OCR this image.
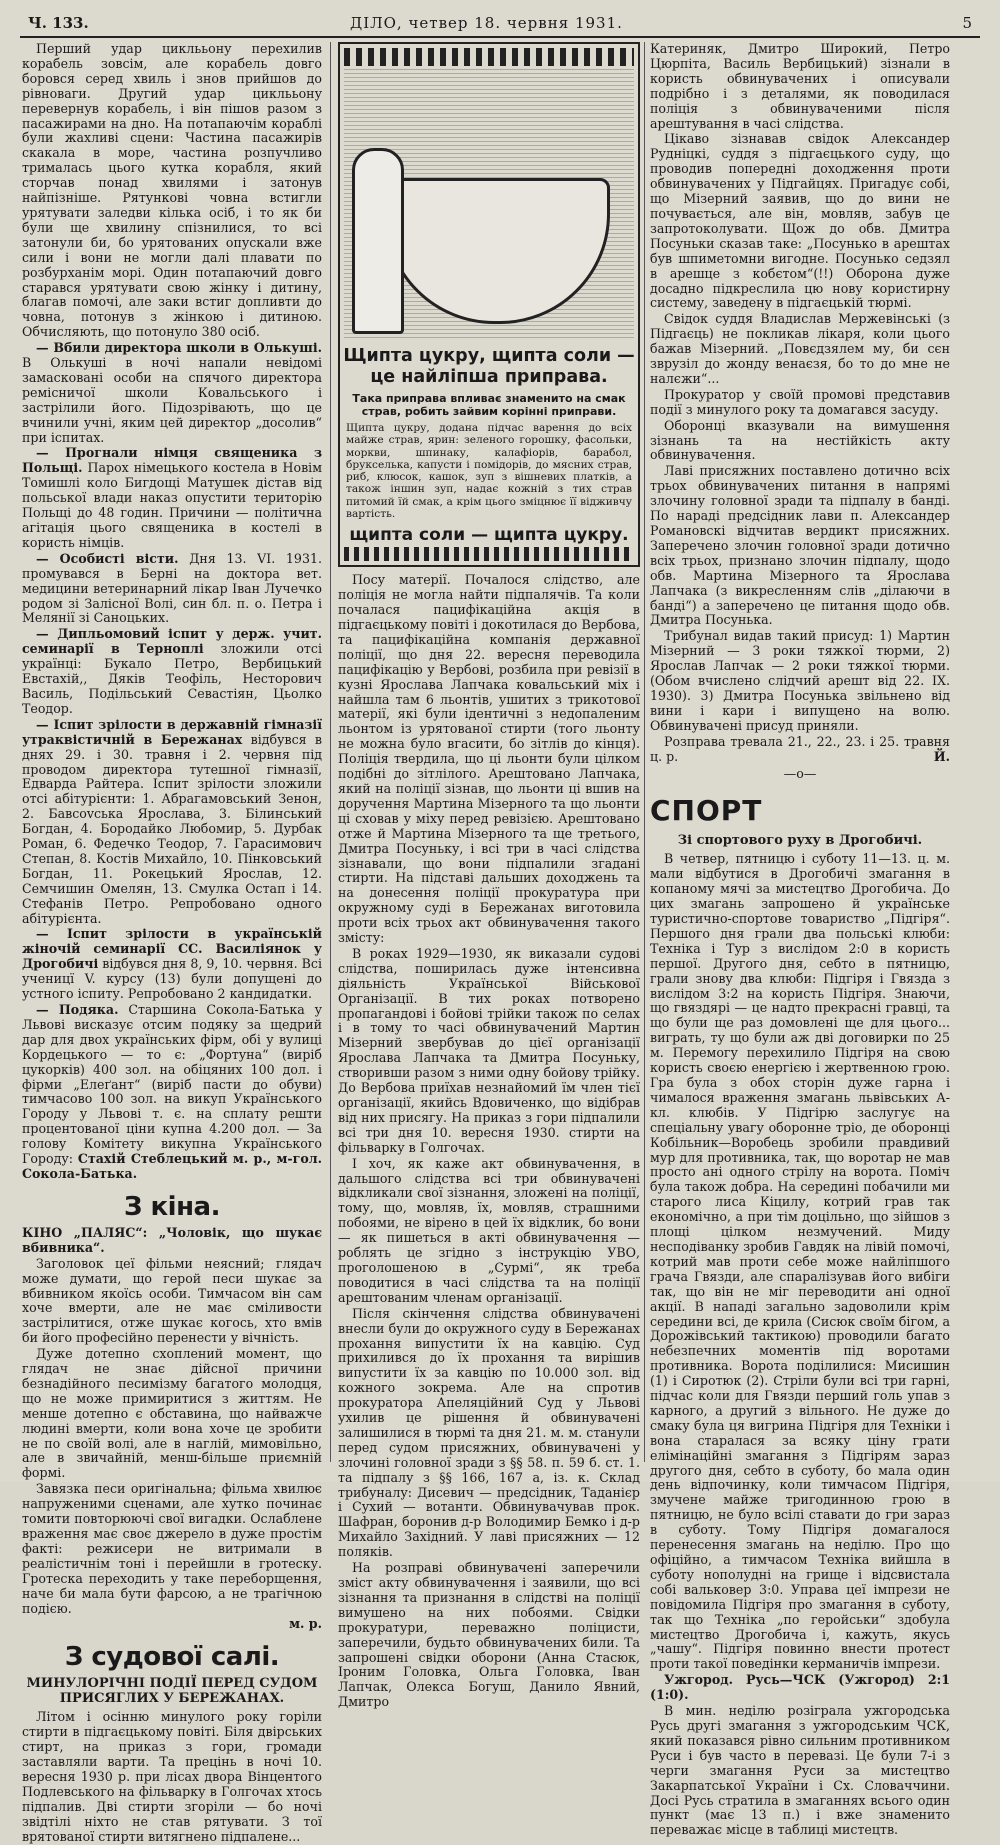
Ч. 133.	ДІЛО, четвер 18. червня 1931.	5

Перший удар циклььону перехилив корабель зовсім, але корабель довго боровся серед хвиль і знов прийшов до рівноваги. Другий удар циклььону перевернув корабель, і він пішов разом з пасажирами на дно. На потапаючім кораблі були жахливі сцени: Частина пасажирів скакала в море, частина розпучливо трималась цього кутка корабля, який сторчав понад хвилями і затонув найпізніше. Рятункові човна встигли урятувати заледви кілька осіб, і то як би були ще хвилину спізнилися, то всі затонули би, бо урятованих опускали вже сили і вони не могли далі плавати по розбурханім морі. Один потапаючий довго старався урятувати свою жінку і дитину, благав помочі, але заки встиг допливти до човна, потонув з жінкою і дитиною. Обчисляють, що потонуло 380 осіб.

— Вбили директора школи в Олькуші. В Олькуші в ночі напали невідомі замасковані особи на спячого директора ремісничої школи Ковальського і застрілили його. Підозрівають, що це вчинили учні, яким цей директор „досолив“ при іспитах.

— Прогнали німця священика з Польщі. Парох німецького костела в Новім Томишлі коло Бигдощі Матушек дістав від польської влади наказ опустити територію Польщі до 48 годин. Причини — політична агітація цього священика в костелі в користь німців.

— Особисті вісти. Дня 13. VI. 1931. промувався в Берні на доктора вет. медицини ветеринарний лікар Іван Лучечко родом зі Залісної Волі, син бл. п. о. Петра і Мелянії зі Саноцьких.

— Дипльомовий іспит у держ. учит. семинарії в Терноплі зложили отсі українці: Букало Петро, Вербицький Евстахій,, Дяків Теофіль, Несторович Василь, Подільський Севастіян, Цьолко Теодор.

— Іспит зрілости в державній гімназії утраквістичній в Бережанах відбувся в днях 29. і 30. травня і 2. червня під проводом директора тутешної гімназії, Едварда Райтера. Іспит зрілости зложили отсі абітурієнти: 1. Абрагамовський Зенон, 2. Бавcovська Ярослава, 3. Білинський Богдан, 4. Бородайко Любомир, 5. Дурбак Роман, 6. Федечко Теодор, 7. Гарасимович Степан, 8. Костів Михайло, 10. Пінковський Богдан, 11. Рокецький Ярослав, 12. Семчишин Омелян, 13. Смулка Остап і 14. Стефанів Петро. Репробовано одного абітурієнта.

— Іспит зрілости в українській жіночій семинарії СС. Василіянок у Дрогобичі відбувся дня 8, 9, 10. червня. Всі ученицї V. курсу (13) були допущені до устного іспиту. Репробовано 2 кандидатки.

— Подяка. Старшина Сокола-Батька у Львові висказує отсим подяку за щедрий дар для двох українських фірм, обі у вулиці Кордецького — то є: „Фортуна“ (виріб цукорків) 400 зол. на обіцяних 100 дол. і фірми „Елеґант“ (виріб пасти до обуви) тимчасово 100 зол. на викуп Українського Городу у Львові т. є. на сплату решти процентованої ціни купна 4.200 дол. — За голову Комітету викупна Українського Городу: Стахій Стеблецький м. р., м-гол. Сокола-Батька.

З кіна.

КІНО „ПАЛЯС“: „Чоловік, що шукає вбивника“.

Заголовок цеї фільми неясний; глядач може думати, що герой песи шукає за вбивником якоїсь особи. Тимчасом він сам хоче вмерти, але не має сміливости застрілитися, отже шукає когось, хто вмів би його професійно перенести у вічність.

Дуже дотепно схоплений момент, що глядач не знає дійсної причини безнадійного песимізму багатого молодця, що не може примиритися з життям. Не менше дотепно є обставина, що найважче людині вмерти, коли вона хоче це зробити не по своїй волі, але в наглій, мимовільно, але в звичайній, менш-більше приємній формі.

Завязка песи оригінальна; фільма хвилює напруженими сценами, але хутко починає томити повторюючі свої вигадки. Ослаблене враження має своє джерело в дуже простім факті: режисери не витримали в реалістичнім тоні і перейшли в гротеску. Гротеска переходить у таке переборщення, наче би мала бути фарсою, а не трагічною подією.

м. р.
З судової салі.
МИНУЛОРІЧНІ ПОДІЇ ПЕРЕД СУДОМ ПРИСЯГЛИХ У БЕРЕЖАНАХ.

Літом і осінню минулого року горіли стирти в підгаєцькому повіті. Біля двірських стирт, на приказ з гори, громади заставляли варти. Та прецінь в ночі 10. вересня 1930 р. при лісах двора Вінцентого Подлевського на фільварку в Голгочах хтось підпалив. Дві стирти згоріли — бо ночі звідтілі ніхто не став рятувати. З тої врятованої стирти витягнено підпалене...

Щипта цукру, щипта соли — це найліпша приправа.
Така приправа впливає знаменито на смак страв, робить зайвим корінні приправи.
Щипта цукру, додана підчас варення до всіх майже страв, ярин: зеленого горошку, фасольки, моркви, шпинаку, калафіорів, барабол, брукселька, капусти і помідорів, до мясних страв, риб, клюсок, кашок, зуп з вішневих платків, а також іншин зуп, надає кожній з тих страв питомий їй смак, а крім цього зміцнює її відживчу вартість.
щипта соли — щипта цукру.

Посу матерії. Почалося слідство, але поліція не могла найти підпалячів. Та коли почалася пацифікаційна акція в підгаєцькому повіті і докотилася до Вербова, та пацифікаційна компанія державної поліції, що дня 22. вересня переводила пацифікацію у Вербові, розбила при ревізії в кузні Ярослава Лапчака ковальський міх і найшла там 6 льонтів, ушитих з трикотової матерії, які були ідентичні з недопаленим льонтом із урятованої стирти (того льонту не можна було вгасити, бо зітлів до кінця). Поліція твердила, що ці льонти були цілком подібні до зітлілого. Арештовано Лапчака, який на поліції зізнав, що льонти ці вшив на доручення Мартина Мізерного та що льонти ці сховав у міху перед ревізією. Арештовано отже й Мартина Мізерного та ще третього, Дмитра Посуньку, і всі три в часі слідства зізнавали, що вони підпалили згадані стирти. На підставі дальших доходжень та на донесення поліції прокуратура при окружному суді в Бережанах виготовила проти всіх трьох акт обвинувачення такого змісту:

В роках 1929—1930, як виказали судові слідства, поширилась дуже інтенсивна діяльність Української Військової Організації. В тих роках потворено пропагандові і бойові трійки також по селах і в тому то часі обвинувачений Мартин Мізерний звербував до цієї організації Ярослава Лапчака та Дмитра Посуньку, створивши разом з ними одну бойову трійку. До Вербова приїхав незнайомий їм член тієї організації, якийсь Вдовиченко, що відібрав від них присягу. На приказ з гори підпалили всі три дня 10. вересня 1930. стирти на фільварку в Голгочах.

І хоч, як каже акт обвинувачення, в дальшого слідства всі три обвинувачені відкликали свої зізнання, зложені на поліції, тому, що, мовляв, їх, мовляв, страшними побоями, не вірено в цей їх відклик, бо вони — як пишеться в акті обвинувачення — роблять це згідно з інструкцію УВО, проголошеною в „Сурмі“, як треба поводитися в часі слідства та на поліції арештованим членам організації.

Після скінчення слідства обвинувачені внесли були до окружного суду в Бережанах прохання випустити їх на кавцію. Суд прихилився до їх прохання та вирішив випустити їх за кавцію по 10.000 зол. від кожного зокрема. Але на спротив прокуратора Апеляційний Суд у Львові ухилив це рішення й обвинувачені залишилися в тюрмі та дня 21. м. м. станули перед судом присяжних, обвинувачені у злочині головної зради з §§ 58. п. 59 б. ст. 1. та підпалу з §§ 166, 167 а, із. к. Склад трибуналу: Дисевич — предсідник, Таданієр і Сухий — вотанти. Обвинувачував прок. Шафран, боронив д-р Володимир Бемко і д-р Михайло Західний. У лаві присяжних — 12 поляків.

На розправі обвинувачені заперечили зміст акту обвинувачення і заявили, що всі зізнання та признання в слідстві на поліції вимушено на них побоями. Свідки прокуратури, переважно поліцисти, заперечили, будьто обвинувачених били. Та запрошені свідки оборони (Анна Стасюк, Іроним Головка, Ольга Головка, Іван Лапчак, Олекса Богуш, Данило Явний, Дмитро

Катериняк, Дмитро Широкий, Петро Цюрпіта, Василь Вербицький) зізнали в користь обвинувачених і описували подрібно і з деталями, як поводилася поліція з обвинуваченими після арештування в часі слідства.

Цікаво зізнавав свідок Александер Рудніцкі, суддя з підгаєцького суду, що проводив попередні доходження проти обвинувачених у Підгайцях. Пригадує собі, що Мізерний заявив, що до вини не почувається, але він, мовляв, забув це запротоколувати. Щож до обв. Дмитра Посуньки сказав таке: „Посунько в арештах був шпиметомни вигодне. Посунько седзял в арешце з кобєтом“(!!) Оборона дуже досадно підкреслила цю нову користирну систему, заведену в підгаєцькій тюрмі.

Свідок суддя Владислав Мержевінські (з Підгаєць) не покликав лікаря, коли цього бажав Мізерний. „Повєдзялем му, би сєн зврузіл до жонду венаєзя, бо то до мне не налєжи“...

Прокуратор у своїй промові представив події з минулого року та домагався засуду.

Оборонці вказували на вимушення зізнань та на нестійкість акту обвинувачення.

Лаві присяжних поставлено дотично всіх трьох обвинувачених питання в напрямі злочину головної зради та підпалу в банді. По нараді предсідник лави п. Александер Романовскі відчитав вердикт присяжних. Заперечено злочин головної зради дотично всіх трьох, признано злочин підпалу, щодо обв. Мартина Мізерного та Ярослава Лапчака (з викресленням слів „ділаючи в банді“) а заперечено це питання щодо обв. Дмитра Посунька.

Трибунал видав такий присуд: 1) Мартин Мізерний — 3 роки тяжкої тюрми, 2) Ярослав Лапчак — 2 роки тяжкої тюрми. (Обом вчислено слідчий арешт від 22. IX. 1930). 3) Дмитра Посунька звільнено від вини і кари і випущено на волю. Обвинувачені присуд приняли.

Розправа тревала 21., 22., 23. і 25. травня ц. р.	Й.

—о—
СПОРТ
Зі спортового руху в Дрогобичі.

В четвер, пятницю і суботу 11—13. ц. м. мали відбутися в Дрогобичі змагання в копаному мячі за мистецтво Дрогобича. До цих змагань запрошено й українське туристично-спортове товариство „Підгіря“. Першого дня грали два польські клюби: Техніка і Тур з вислідом 2:0 в користь першої. Другого дня, себто в пятницю, грали знову два клюби: Підгіря і Гвязда з вислідом 3:2 на користь Підгіря. Знаючи, що гвяздярі — це надто прекрасні гравці, та що були ще раз домовлені ще для цього... виграть, ту що були аж дві договирки по 25 м. Перемогу перехилило Підгіря на свою користь своєю енергією і жертвенною грою. Гра була з обох сторін дуже гарна і чималося враження змагань львівських А-кл. клюбів. У Підгірю заслугує на спеціальну увагу оборонне тріо, де оборонці Кобільник—Воробець зробили правдивий мур для противника, так, що воротар не мав просто ані одного стрілу на ворота. Поміч була також добра. На середині побачили ми старого лиса Кіцилу, котрий грав так економічно, а при тім доцільно, що зійшов з площі цілком незмучений. Миду несподіванку зробив Гавдяк на лівій помочі, котрий мав проти себе може найліпшого грача Гвязди, але спаралізував його вибіги так, що він не міг переводити ані одної акції. В нападі загально задоволили крім середини всі, де крила (Сисюк своїм бігом, а Дорожівський тактикою) проводили багато небезпечних моментів під воротами противника. Ворота поділилися: Мисишин (1) і Сиротюк (2). Стріли були всі три гарні, підчас коли для Гвязди перший голь упав з карного, а другий з вільного. Не дуже до смаку була ця вигрина Підгіря для Техніки і вона старалася за всяку ціну грати елімінаційні змагання з Підгірям зараз другого дня, себто в суботу, бо мала один день відпочинку, коли тимчасом Підгіря, змучене майже тригодинною грою в пятницю, не було всілі ставати до гри зараз в суботу. Тому Підгіря домагалося перенесення змагань на неділю. Про що офіційно, а тимчасом Техніка вийшла в суботу нополудні на грище і відсвистала собі вальковер 3:0. Управа цеї імпрези не повідомила Підгіря про змагання в суботу, так що Техніка „по геройськи“ здобула мистецтво Дрогобича і, кажуть, якусь „чашу“. Підгіря повинно внести протест проти такої поведінки керманичів імпрези.

Ужгород. Русь—ЧСК (Ужгород) 2:1 (1:0).

В мин. неділю розіграла ужгородська Русь другі змагання з ужгородським ЧСК, який показався рівно сильним противником Руси і був часто в перевазі. Це були 7-і з черги змагання Руси за мистецтво Закарпатської України і Сх. Словаччини. Досі Русь стратила в змаганнях всього один пункт (має 13 п.) і вже знаменито переважає місце в таблиці мистецтв.
